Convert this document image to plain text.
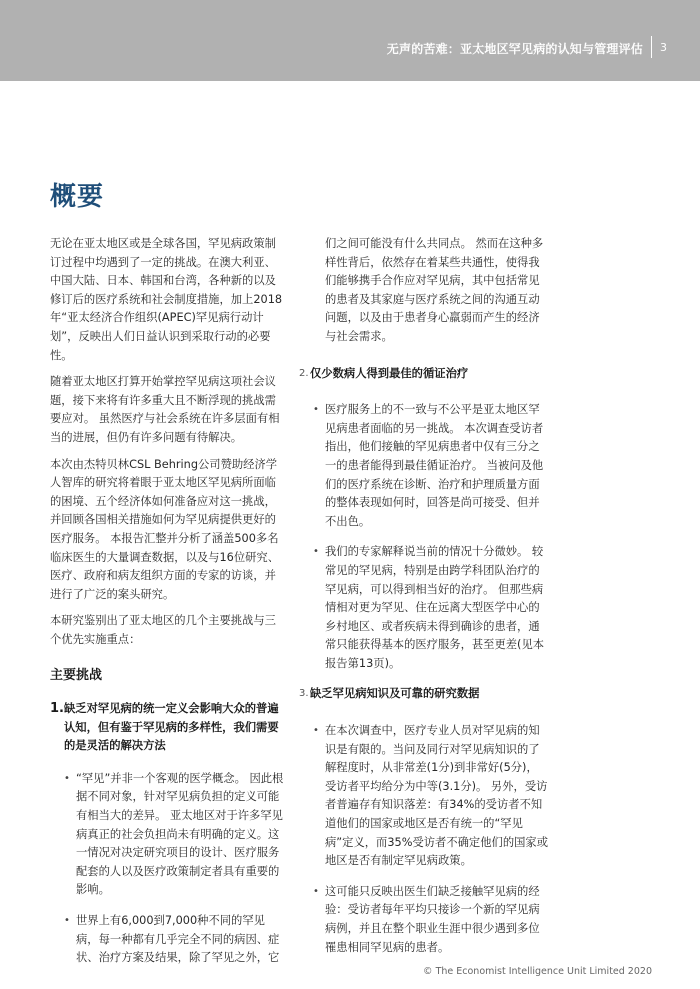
无声的苦难：亚太地区罕见病的认知与管理评估 3
概要

无论在亚太地区或是全球各国，罕见病政策制订过程中均遇到了一定的挑战。在澳大利亚、中国大陆、日本、韩国和台湾，各种新的以及修订后的医疗系统和社会制度措施，加上2018年“亚太经济合作组织(APEC)罕见病行动计划”，反映出人们日益认识到采取行动的必要性。

随着亚太地区打算开始掌控罕见病这项社会议题，接下来将有许多重大且不断浮现的挑战需要应对。 虽然医疗与社会系统在许多层面有相当的进展，但仍有许多问题有待解决。

本次由杰特贝林CSL Behring公司赞助经济学人智库的研究将着眼于亚太地区罕见病所面临的困境、五个经济体如何准备应对这一挑战，并回顾各国相关措施如何为罕见病提供更好的医疗服务。 本报告汇整并分析了涵盖500多名临床医生的大量调查数据，以及与16位研究、医疗、政府和病友组织方面的专家的访谈，并进行了广泛的案头研究。

本研究鉴别出了亚太地区的几个主要挑战与三个优先实施重点：

主要挑战
1. 缺乏对罕见病的统一定义会影响大众的普遍认知，但有鉴于罕见病的多样性，我们需要的是灵活的解决方法
• “罕见”并非一个客观的医学概念。 因此根据不同对象，针对罕见病负担的定义可能有相当大的差异。 亚太地区对于许多罕见病真正的社会负担尚未有明确的定义。这一情况对决定研究项目的设计、医疗服务配套的人以及医疗政策制定者具有重要的影响。
• 世界上有6,000到7,000种不同的罕见病，每一种都有几乎完全不同的病因、症状、治疗方案及结果，除了罕见之外，它

们之间可能没有什么共同点。 然而在这种多样性背后，依然存在着某些共通性，使得我们能够携手合作应对罕见病，其中包括常见的患者及其家庭与医疗系统之间的沟通互动问题，以及由于患者身心羸弱而产生的经济与社会需求。

2. 仅少数病人得到最佳的循证治疗
• 医疗服务上的不一致与不公平是亚太地区罕见病患者面临的另一挑战。 本次调查受访者指出，他们接触的罕见病患者中仅有三分之一的患者能得到最佳循证治疗。 当被问及他们的医疗系统在诊断、治疗和护理质量方面的整体表现如何时，回答是尚可接受、但并不出色。
• 我们的专家解释说当前的情况十分微妙。 较常见的罕见病，特别是由跨学科团队治疗的罕见病，可以得到相当好的治疗。 但那些病情相对更为罕见、住在远离大型医学中心的乡村地区、或者疾病未得到确诊的患者，通常只能获得基本的医疗服务，甚至更差(见本报告第13页)。
3. 缺乏罕见病知识及可靠的研究数据
• 在本次调查中，医疗专业人员对罕见病的知识是有限的。当问及同行对罕见病知识的了解程度时，从非常差(1分)到非常好(5分)，受访者平均给分为中等(3.1分)。 另外，受访者普遍存有知识落差：有34%的受访者不知道他们的国家或地区是否有统一的“罕见病”定义，而35%受访者不确定他们的国家或地区是否有制定罕见病政策。
• 这可能只反映出医生们缺乏接触罕见病的经验：受访者每年平均只接诊一个新的罕见病病例，并且在整个职业生涯中很少遇到多位罹患相同罕见病的患者。
© The Economist Intelligence Unit Limited 2020
